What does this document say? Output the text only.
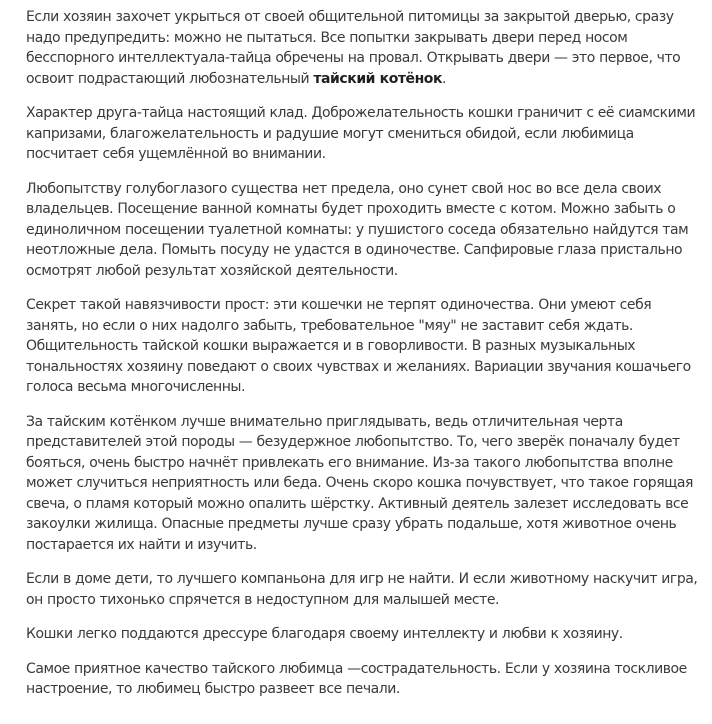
Если хозяин захочет укрыться от своей общительной питомицы за закрытой дверью, сразу надо предупредить: можно не пытаться. Все попытки закрывать двери перед носом бесспорного интеллектуала-тайца обречены на провал. Открывать двери — это первое, что освоит подрастающий любознательный тайский котёнок.

Характер друга-тайца настоящий клад. Доброжелательность кошки граничит с её сиамскими капризами, благожелательность и радушие могут смениться обидой, если любимица посчитает себя ущемлённой во внимании.

Любопытству голубоглазого существа нет предела, оно сунет свой нос во все дела своих владельцев. Посещение ванной комнаты будет проходить вместе с котом. Можно забыть о единоличном посещении туалетной комнаты: у пушистого соседа обязательно найдутся там неотложные дела. Помыть посуду не удастся в одиночестве. Сапфировые глаза пристально осмотрят любой результат хозяйской деятельности.

Секрет такой навязчивости прост: эти кошечки не терпят одиночества. Они умеют себя занять, но если о них надолго забыть, требовательное "мяу" не заставит себя ждать. Общительность тайской кошки выражается и в говорливости. В разных музыкальных тональностях хозяину поведают о своих чувствах и желаниях. Вариации звучания кошачьего голоса весьма многочисленны.

За тайским котёнком лучше внимательно приглядывать, ведь отличительная черта представителей этой породы — безудержное любопытство. То, чего зверёк поначалу будет бояться, очень быстро начнёт привлекать его внимание. Из-за такого любопытства вполне может случиться неприятность или беда. Очень скоро кошка почувствует, что такое горящая свеча, о пламя который можно опалить шёрстку. Активный деятель залезет исследовать все закоулки жилища. Опасные предметы лучше сразу убрать подальше, хотя животное очень постарается их найти и изучить.

Если в доме дети, то лучшего компаньона для игр не найти. И если животному наскучит игра, он просто тихонько спрячется в недоступном для малышей месте.

Кошки легко поддаются дрессуре благодаря своему интеллекту и любви к хозяину.

Самое приятное качество тайского любимца —сострадательность. Если у хозяина тоскливое настроение, то любимец быстро развеет все печали.
